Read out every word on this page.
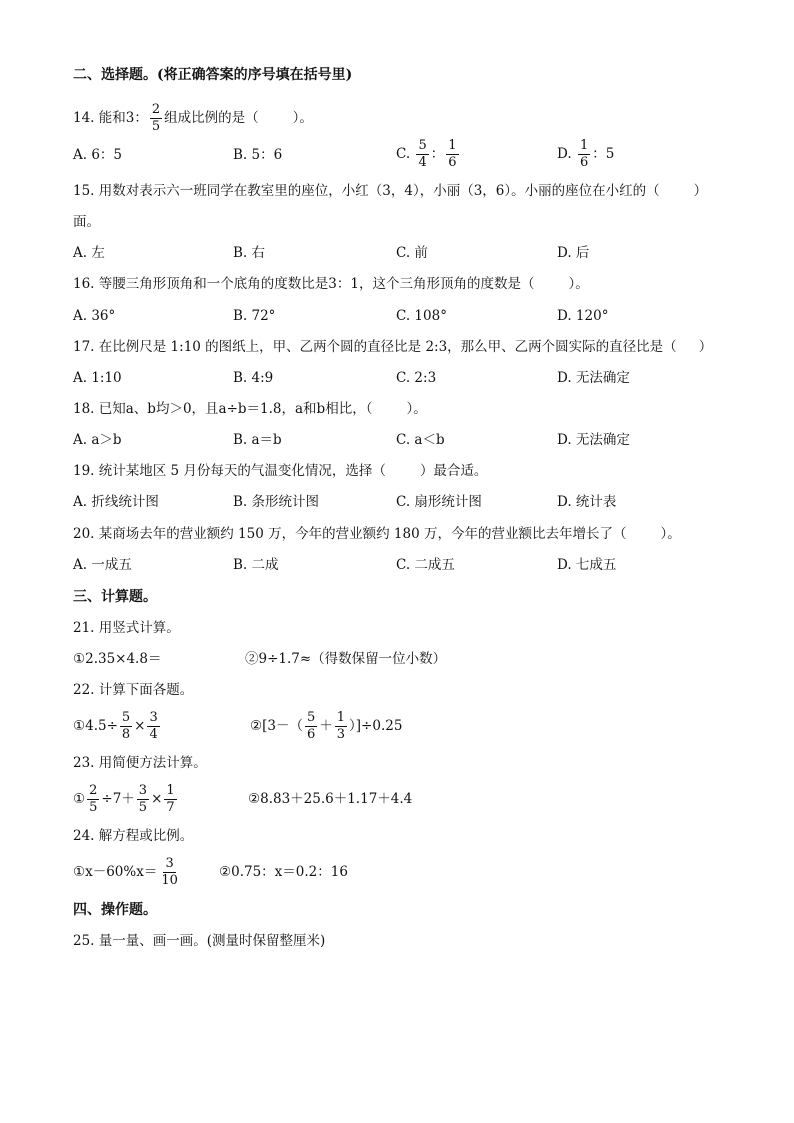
二、选择题。(将正确答案的序号填在括号里)
14. 能和3： $\frac{2}{5}$ 组成比例的是（	）。
A. 6：5	B. 5：6	C. $\frac{5}{4}$ ： $\frac{1}{6}$	D. $\frac{1}{6}$ ：5
15. 用数对表示六一班同学在教室里的座位，小红（3，4），小丽（3，6）。小丽的座位在小红的（	）
面。
A. 左	B. 右	C. 前	D. 后
16. 等腰三角形顶角和一个底角的度数比是3：1，这个三角形顶角的度数是（	）。
A. 36°	B. 72°	C. 108°	D. 120°
17. 在比例尺是 1:10 的图纸上，甲、乙两个圆的直径比是 2:3，那么甲、乙两个圆实际的直径比是（ ）
A. 1:10	B. 4:9	C. 2:3	D. 无法确定
18. 已知a、b均＞0，且a÷b＝1.8，a和b相比，（	）。
A. a＞b	B. a＝b	C. a＜b	D. 无法确定
19. 统计某地区 5 月份每天的气温变化情况，选择（	）最合适。
A. 折线统计图	B. 条形统计图	C. 扇形统计图	D. 统计表
20. 某商场去年的营业额约 150 万，今年的营业额约 180 万，今年的营业额比去年增长了（	）。
A. 一成五	B. 二成	C. 二成五	D. 七成五
三、计算题。
21. 用竖式计算。
①2.35×4.8＝	②9÷1.7≈（得数保留一位小数）
22. 计算下面各题。
①4.5÷ $\frac{5}{8} \times \frac{3}{4}$	②[3－（ $\frac{5}{6} + \frac{1}{3} )]\div 0.25$
23. 用简便方法计算。
① $\frac{2}{5} \div 7+ \frac{3}{5} \times \frac{1}{7}$	②8.83＋25.6＋1.17＋4.4
24. 解方程或比例。
①x－60%x＝ $\frac{3}{10}$	②0.75：x＝0.2：16
四、操作题。
25. 量一量、画一画。(测量时保留整厘米)
